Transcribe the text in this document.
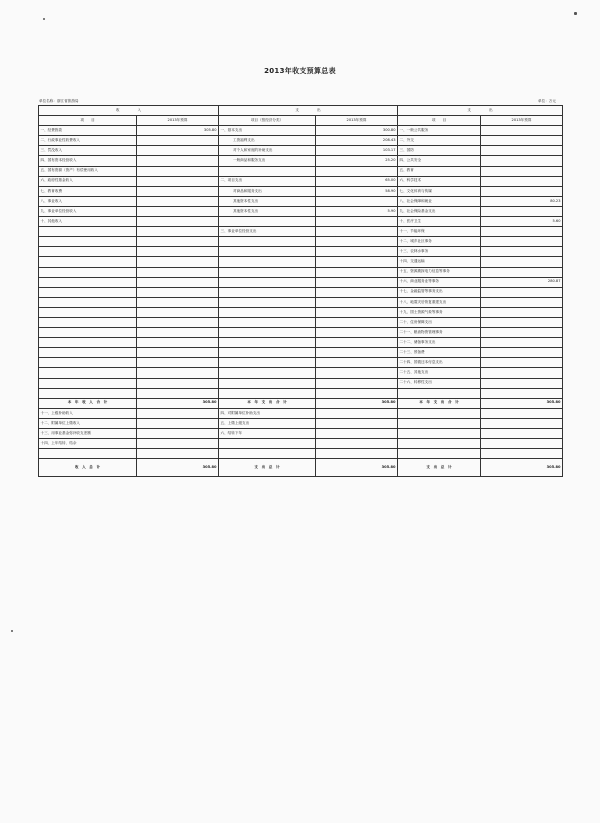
2013年收支预算总表
单位名称：浙江省旅游局	单位：万元
收　　　　　入		支　　　　　出		支　　　　　出	
项　　目	2013年预算	项目（按经济分类）	2013年预算	项　　目	2013年预算
一、经费拨款	305.80	一、基本支出	300.80	一、一般公共服务	
二、行政事业性收费收入		工资福利支出	208.43	二、外交	
三、罚没收入		对个人和家庭的补助支出	103.17	三、国防	
四、国有资本经营收入		一般商品和服务支出	25.20	四、公共安全	
五、国有资源（资产）有偿使用收入				五、教育	
六、政府性基金收入		二、项目支出	65.00	六、科学技术	
七、教育收费		对商品和服务支出	58.90	七、文化体育与传媒	
八、事业收入		其他资本性支出		八、社会保障和就业	80.23
九、事业单位经营收入		其他资本性支出	5.90	九、社会保险基金支出	
十、其他收入				十、医疗卫生	5.60
		三、事业单位经营支出		十一、节能环保	
				十二、城乡社区事务	
				十三、农林水事务	
				十四、交通运输	
				十五、资源勘探电力信息等事务	
				十六、商业服务业等事务	280.87
				十七、金融监管等事务支出	
				十八、地震灾后恢复重建支出	
				十九、国土资源气象等事务	
				二十、住房保障支出	
				二十一、粮油物资管理事务	
				二十二、储备事务支出	
				二十三、预备费	
				二十四、国债还本付息支出	
				二十五、其他支出	
				二十六、转移性支出	

本　年　收　入　合　计	305.80	本　年　支　出　合　计	305.80	本　年　支　出　合　计	305.80
十一、上级补助收入		四、对附属单位补助支出			
十二、附属单位上缴收入		五、上缴上级支出			
十三、用事业基金弥补收支差额		六、结转下年			
十四、上年结转、结余					

收　入　总　计	305.80	支　出　总　计	305.80	支　出　总　计	305.80
